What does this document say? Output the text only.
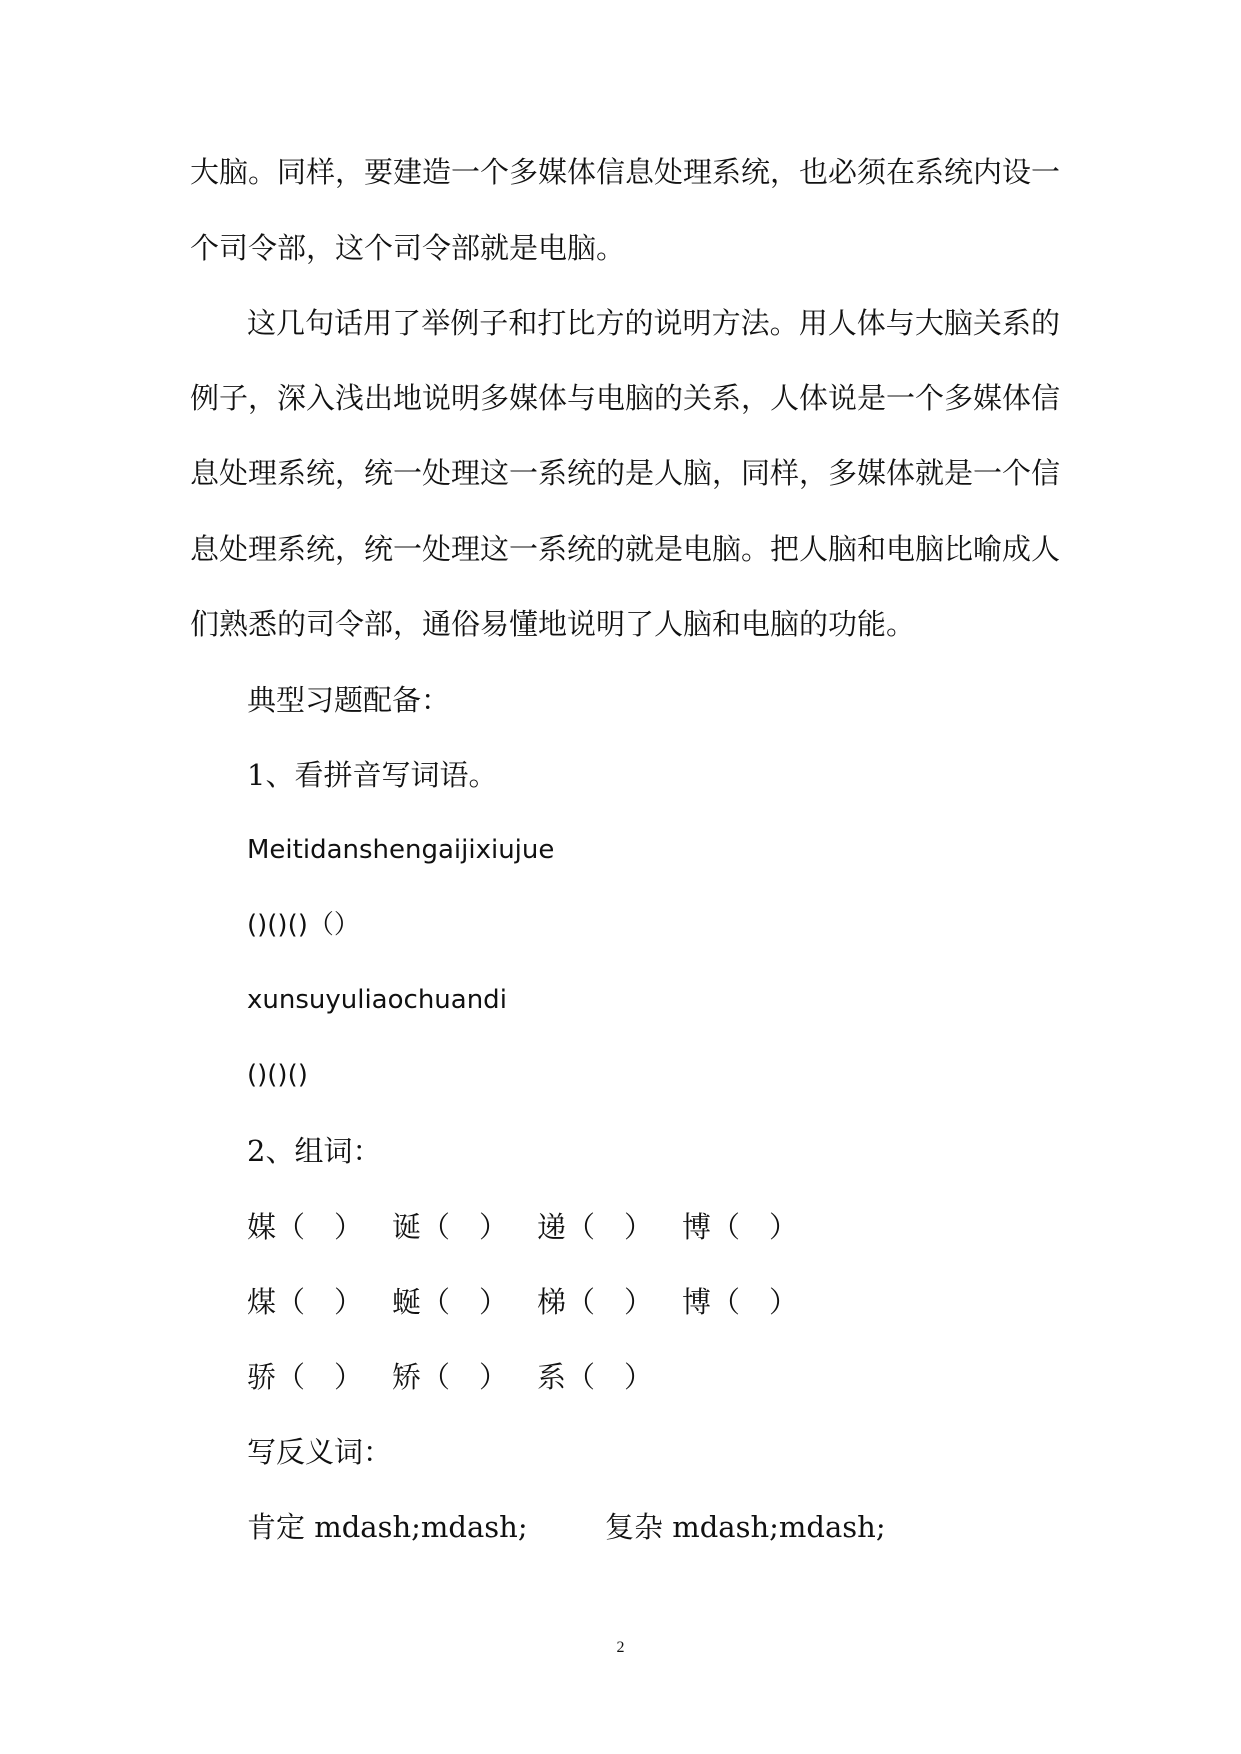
大脑。同样，要建造一个多媒体信息处理系统，也必须在系统内设一
个司令部，这个司令部就是电脑。
这几句话用了举例子和打比方的说明方法。用人体与大脑关系的
例子，深入浅出地说明多媒体与电脑的关系，人体说是一个多媒体信
息处理系统，统一处理这一系统的是人脑，同样，多媒体就是一个信
息处理系统，统一处理这一系统的就是电脑。把人脑和电脑比喻成人
们熟悉的司令部，通俗易懂地说明了人脑和电脑的功能。
典型习题配备：
1、看拼音写词语。
Meitidanshengaijixiujue
()()()（）
xunsuyuliaochuandi
()()()
2、组词：
媒（　） 诞（　） 递（　） 博（　）
煤（　） 蜒（　） 梯（　） 博（　）
骄（　） 矫（　） 系（　）
写反义词：
肯定 mdash;mdash;	复杂 mdash;mdash;
2
